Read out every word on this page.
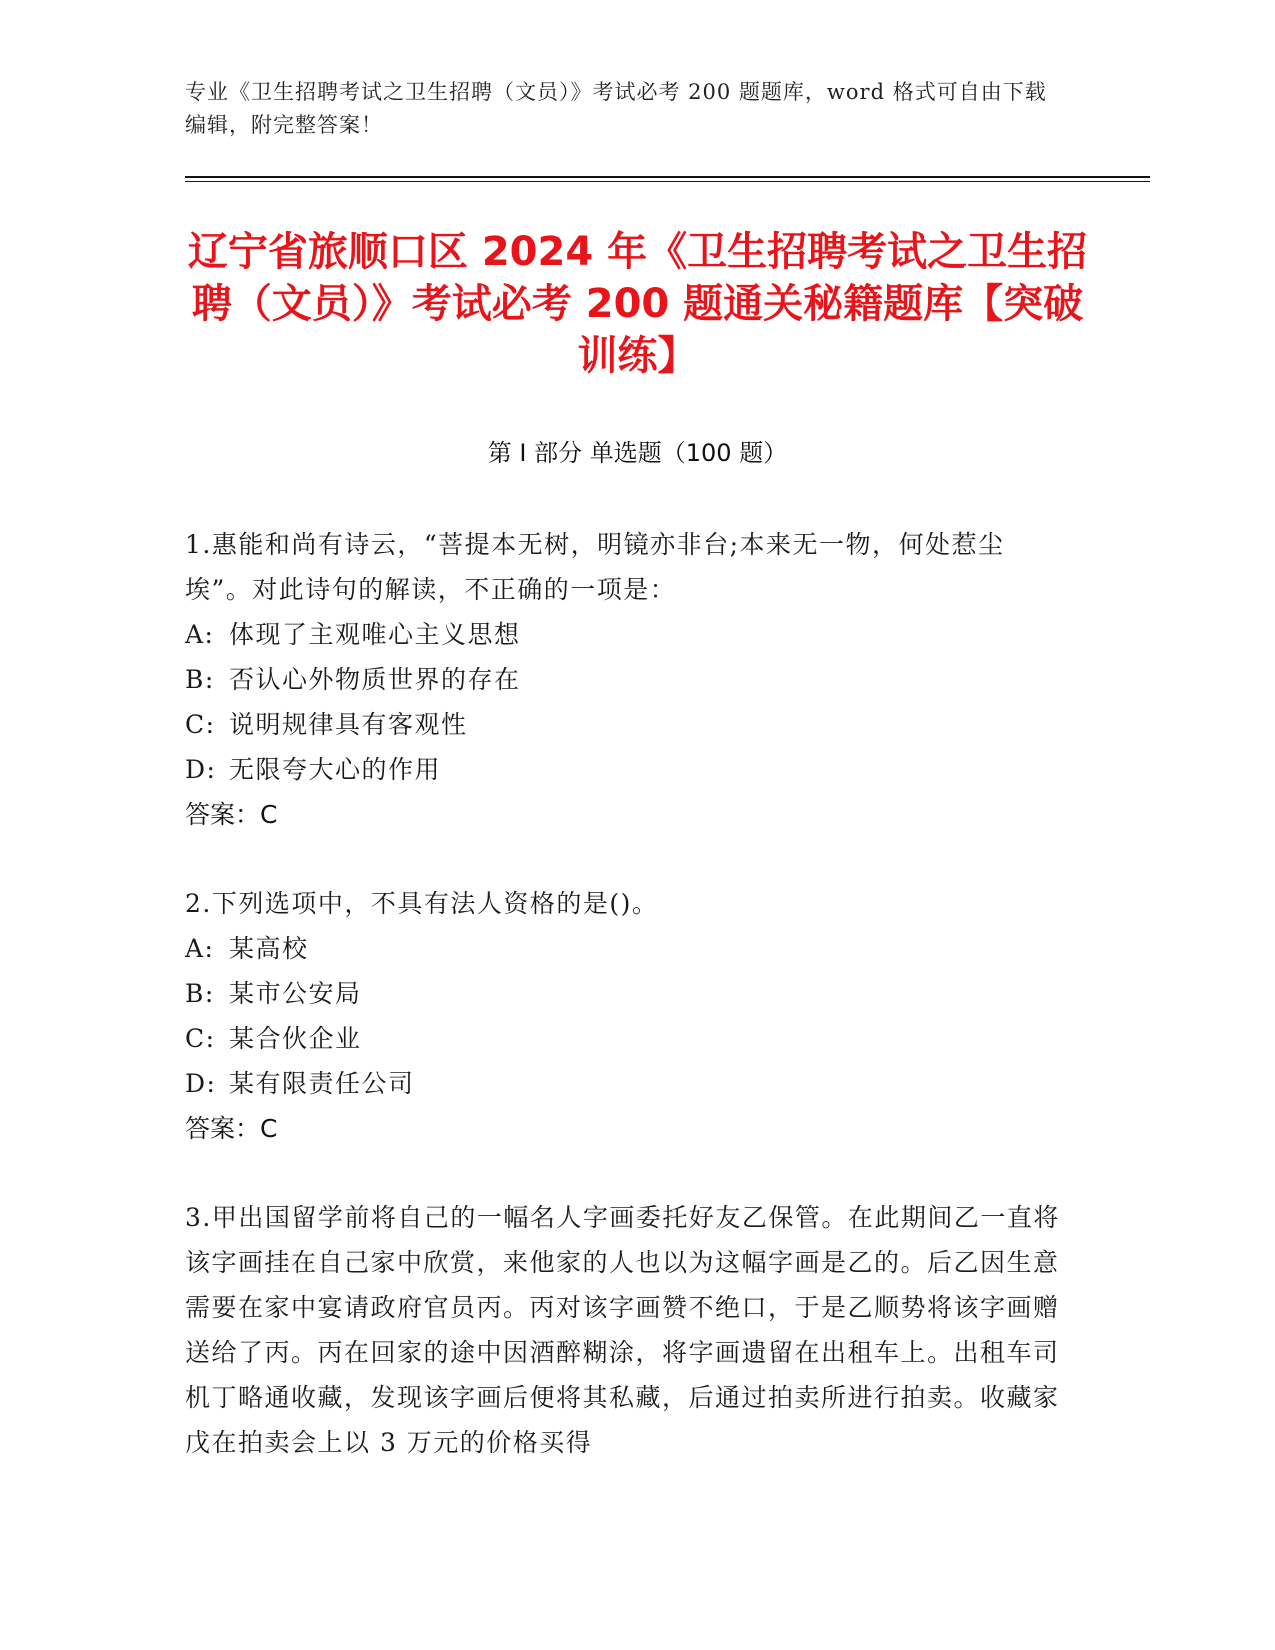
专业《卫生招聘考试之卫生招聘（文员）》考试必考 200 题题库，word 格式可自由下载编辑，附完整答案！
辽宁省旅顺口区 2024 年《卫生招聘考试之卫生招聘（文员）》考试必考 200 题通关秘籍题库【突破训练】
第 I 部分 单选题（100 题）
1.惠能和尚有诗云，“菩提本无树，明镜亦非台;本来无一物，何处惹尘埃”。对此诗句的解读，不正确的一项是：
A: 体现了主观唯心主义思想
B: 否认心外物质世界的存在
C: 说明规律具有客观性
D: 无限夸大心的作用
答案：C
2.下列选项中，不具有法人资格的是()。
A: 某高校
B: 某市公安局
C: 某合伙企业
D: 某有限责任公司
答案：C
3.甲出国留学前将自己的一幅名人字画委托好友乙保管。在此期间乙一直将该字画挂在自己家中欣赏，来他家的人也以为这幅字画是乙的。后乙因生意需要在家中宴请政府官员丙。丙对该字画赞不绝口，于是乙顺势将该字画赠送给了丙。丙在回家的途中因酒醉糊涂，将字画遗留在出租车上。出租车司机丁略通收藏，发现该字画后便将其私藏，后通过拍卖所进行拍卖。收藏家戊在拍卖会上以 3 万元的价格买得
